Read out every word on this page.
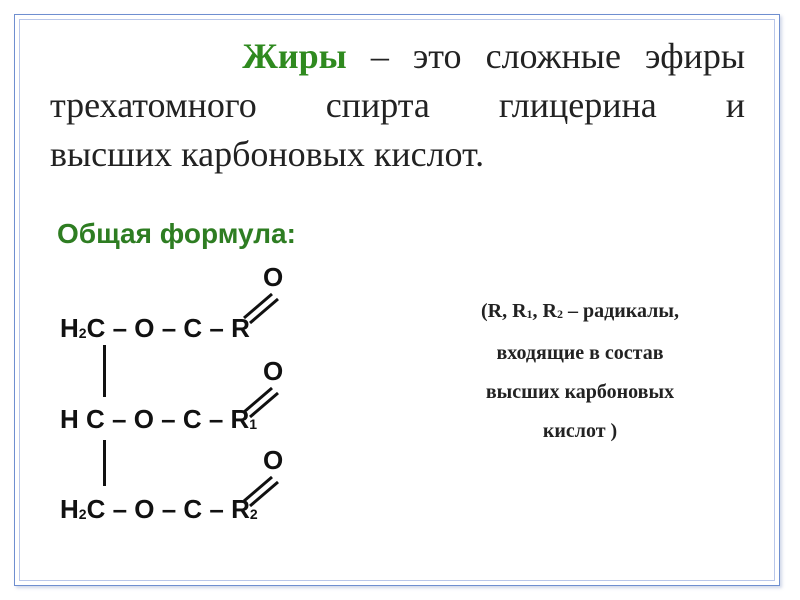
Жиры – это сложные эфиры
трехатомного спирта глицерина и
высших карбоновых кислот.
Общая формула:
O
O
O
$H_2C$ – O – C – R
H C – O – C – $R_1$
$H_2C$ – O – C – $R_2$
(R, $R_1$, $R_2$ – радикалы,
входящие в состав
высших карбоновых
кислот )
